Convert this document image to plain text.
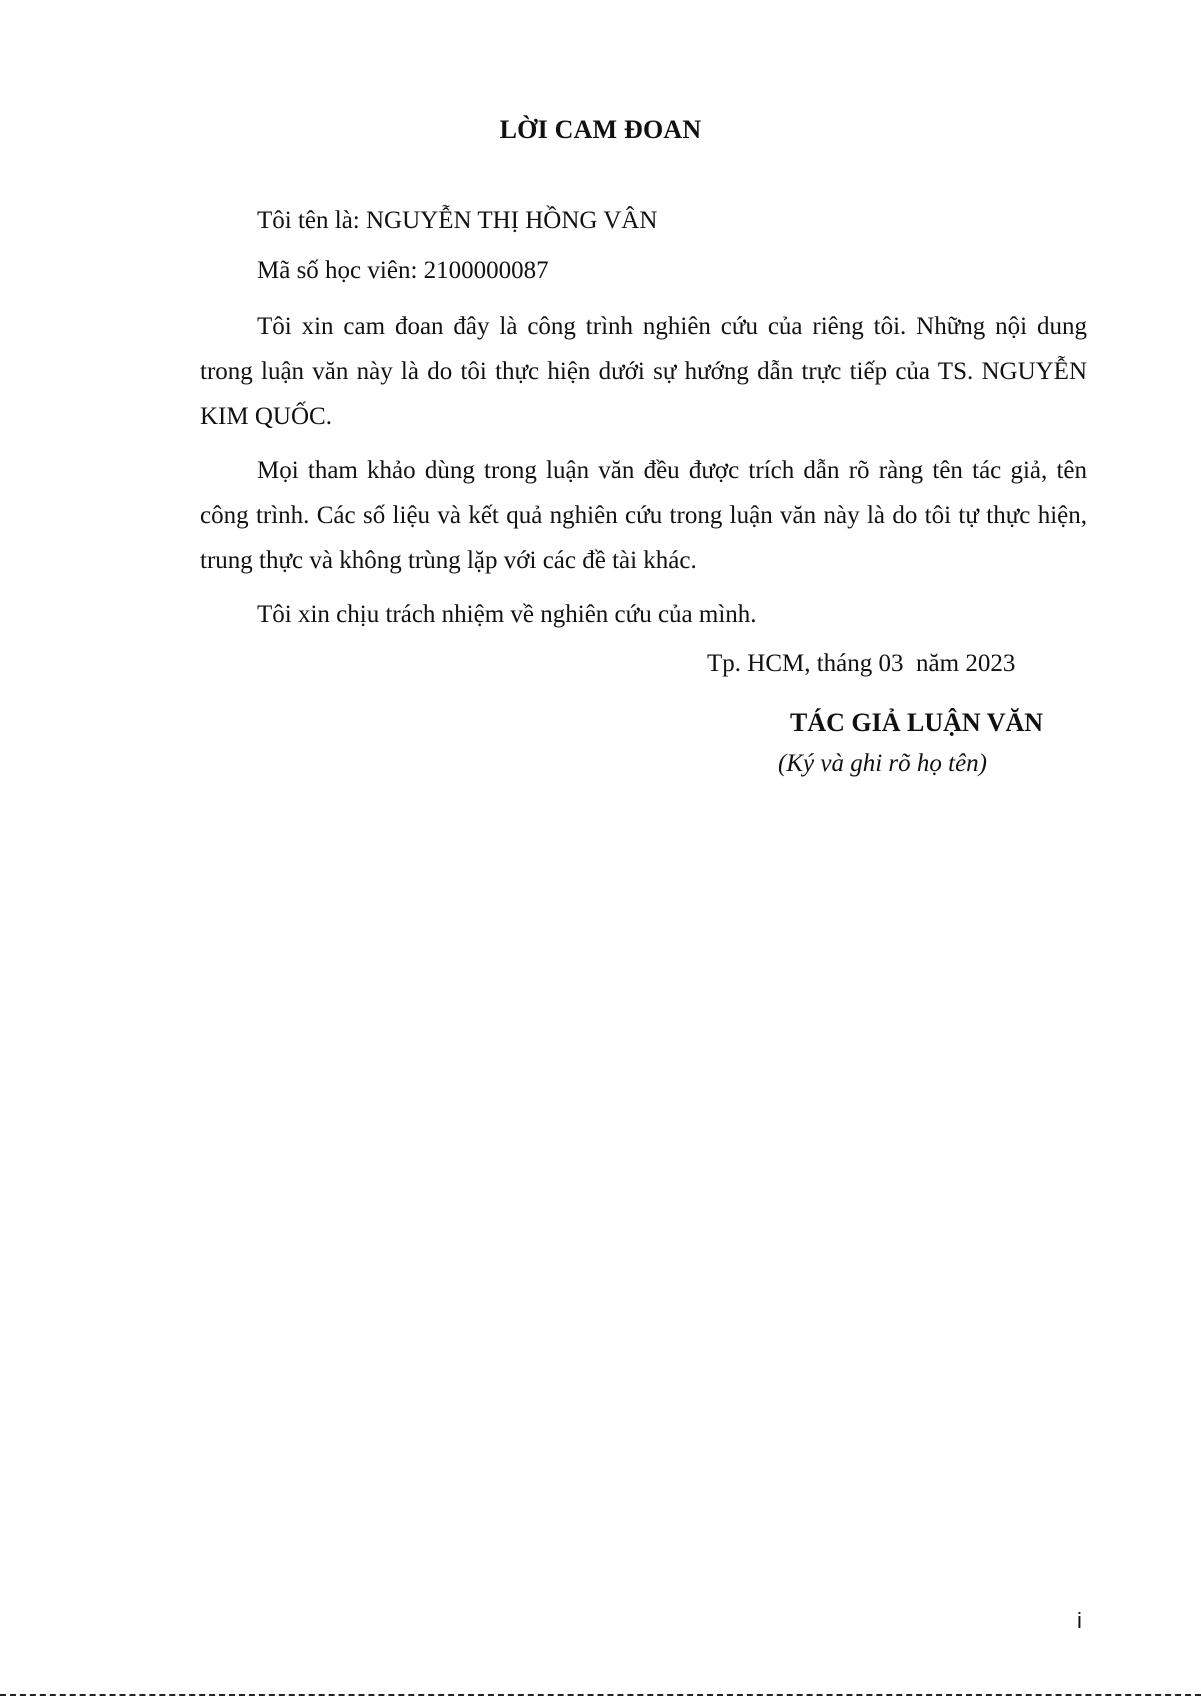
LỜI CAM ĐOAN
Tôi tên là: NGUYỄN THỊ HỒNG VÂN
Mã số học viên: 2100000087

Tôi xin cam đoan đây là công trình nghiên cứu của riêng tôi. Những nội dung trong luận văn này là do tôi thực hiện dưới sự hướng dẫn trực tiếp của TS. NGUYỄN KIM QUỐC.

Mọi tham khảo dùng trong luận văn đều được trích dẫn rõ ràng tên tác giả, tên công trình. Các số liệu và kết quả nghiên cứu trong luận văn này là do tôi tự thực hiện, trung thực và không trùng lặp với các đề tài khác.

Tôi xin chịu trách nhiệm về nghiên cứu của mình.

Tp. HCM, tháng 03  năm 2023
TÁC GIẢ LUẬN VĂN
(Ký và ghi rõ họ tên)
i
